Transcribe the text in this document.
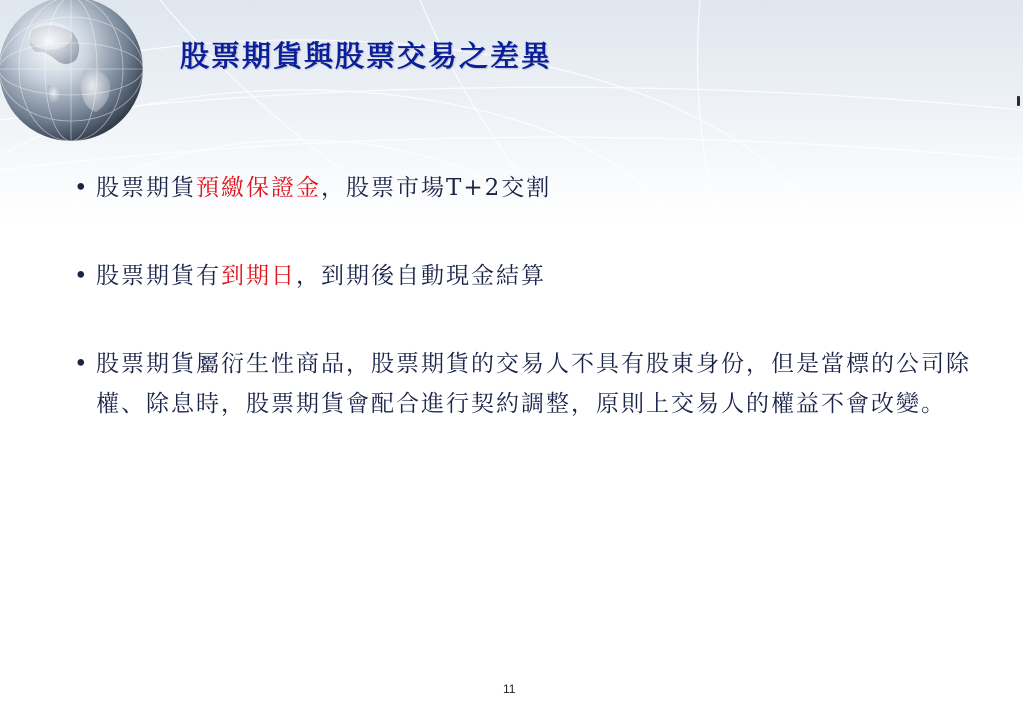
股票期貨與股票交易之差異
• 股票期貨預繳保證金，股票市場T+2交割
• 股票期貨有到期日，到期後自動現金結算
• 股票期貨屬衍生性商品，股票期貨的交易人不具有股東身份，但是當標的公司除權、除息時，股票期貨會配合進行契約調整，原則上交易人的權益不會改變。
11
